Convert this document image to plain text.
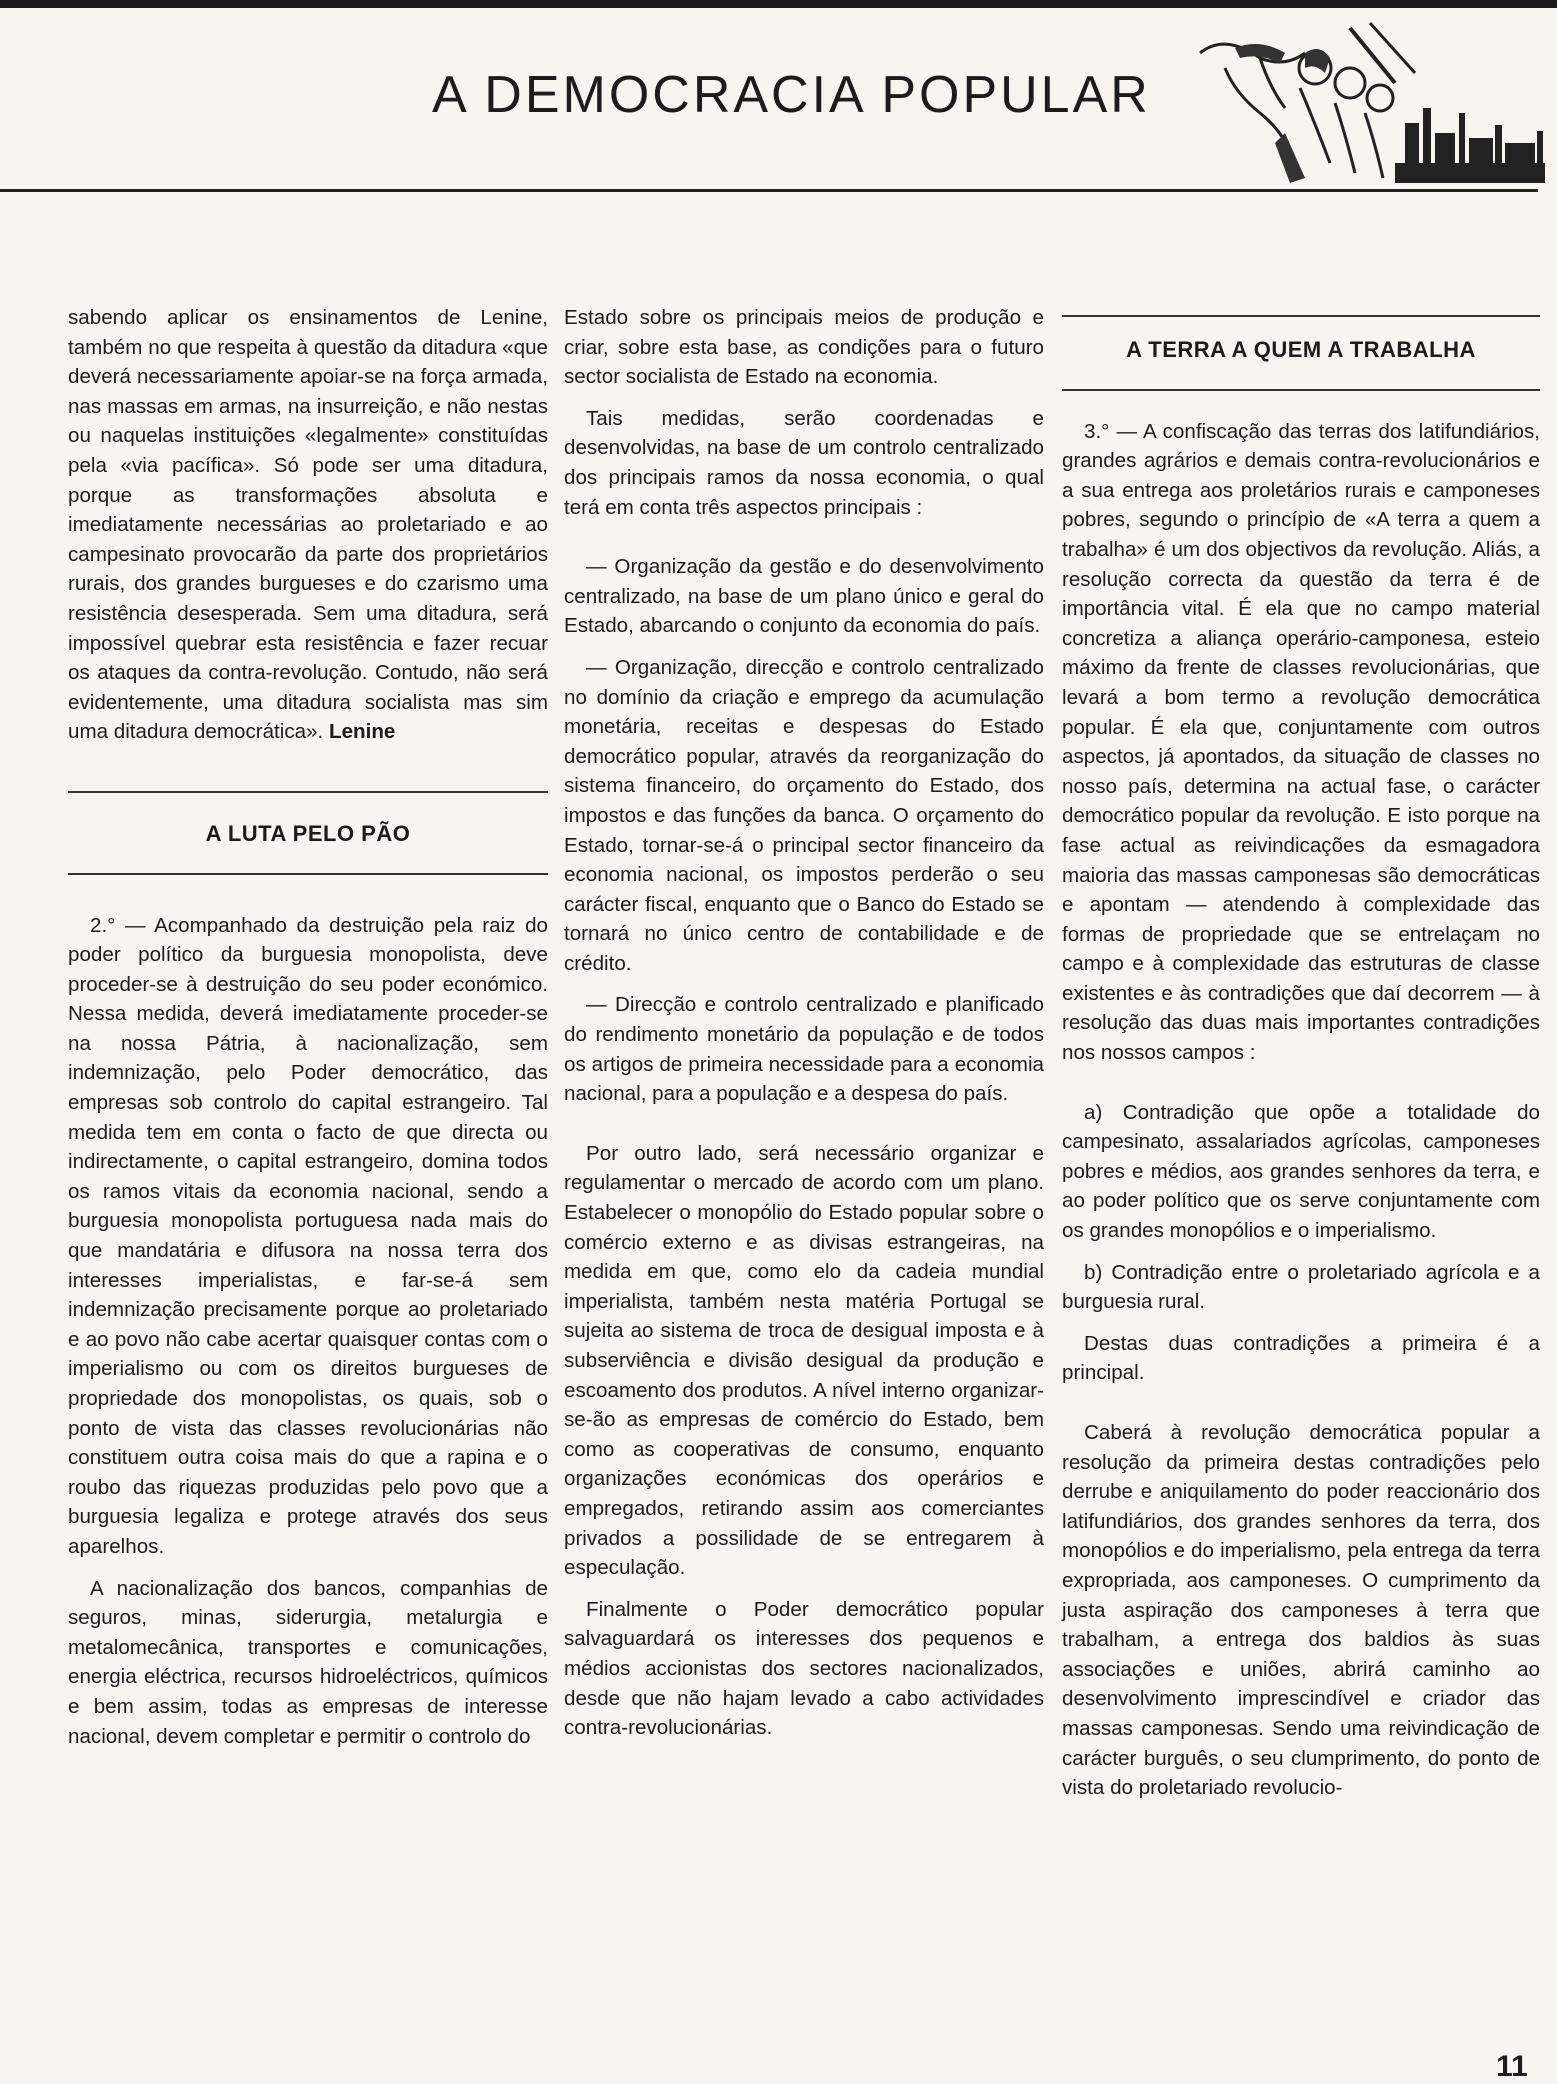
A DEMOCRACIA POPULAR

sabendo aplicar os ensinamentos de Lenine, também no que respeita à questão da ditadura «que deverá necessariamente apoiar-se na força armada, nas massas em armas, na insurreição, e não nestas ou naquelas instituições «legalmente» constituídas pela «via pacífica». Só pode ser uma ditadura, porque as transformações absoluta e imediatamente necessárias ao proletariado e ao campesinato provocarão da parte dos proprietários rurais, dos grandes burgueses e do czarismo uma resistência desesperada. Sem uma ditadura, será impossível quebrar esta resistência e fazer recuar os ataques da contra-revolução. Contudo, não será evidentemente, uma ditadura socialista mas sim uma ditadura democrática». Lenine

A LUTA PELO PÃO

2.° — Acompanhado da destruição pela raiz do poder político da burguesia monopolista, deve proceder-se à destruição do seu poder económico. Nessa medida, deverá imediatamente proceder-se na nossa Pátria, à nacionalização, sem indemnização, pelo Poder democrático, das empresas sob controlo do capital estrangeiro. Tal medida tem em conta o facto de que directa ou indirectamente, o capital estrangeiro, domina todos os ramos vitais da economia nacional, sendo a burguesia monopolista portuguesa nada mais do que mandatária e difusora na nossa terra dos interesses imperialistas, e far-se-á sem indemnização precisamente porque ao proletariado e ao povo não cabe acertar quaisquer contas com o imperialismo ou com os direitos burgueses de propriedade dos monopolistas, os quais, sob o ponto de vista das classes revolucionárias não constituem outra coisa mais do que a rapina e o roubo das riquezas produzidas pelo povo que a burguesia legaliza e protege através dos seus aparelhos.

A nacionalização dos bancos, companhias de seguros, minas, siderurgia, metalurgia e metalomecânica, transportes e comunicações, energia eléctrica, recursos hidroeléctricos, químicos e bem assim, todas as empresas de interesse nacional, devem completar e permitir o controlo do

Estado sobre os principais meios de produção e criar, sobre esta base, as condições para o futuro sector socialista de Estado na economia.

Tais medidas, serão coordenadas e desenvolvidas, na base de um controlo centralizado dos principais ramos da nossa economia, o qual terá em conta três aspectos principais :

— Organização da gestão e do desenvolvimento centralizado, na base de um plano único e geral do Estado, abarcando o conjunto da economia do país.

— Organização, direcção e controlo centralizado no domínio da criação e emprego da acumulação monetária, receitas e despesas do Estado democrático popular, através da reorganização do sistema financeiro, do orçamento do Estado, dos impostos e das funções da banca. O orçamento do Estado, tornar-se-á o principal sector financeiro da economia nacional, os impostos perderão o seu carácter fiscal, enquanto que o Banco do Estado se tornará no único centro de contabilidade e de crédito.

— Direcção e controlo centralizado e planificado do rendimento monetário da população e de todos os artigos de primeira necessidade para a economia nacional, para a população e a despesa do país.

Por outro lado, será necessário organizar e regulamentar o mercado de acordo com um plano. Estabelecer o monopólio do Estado popular sobre o comércio externo e as divisas estrangeiras, na medida em que, como elo da cadeia mundial imperialista, também nesta matéria Portugal se sujeita ao sistema de troca de desigual imposta e à subserviência e divisão desigual da produção e escoamento dos produtos. A nível interno organizar-se-ão as empresas de comércio do Estado, bem como as cooperativas de consumo, enquanto organizações económicas dos operários e empregados, retirando assim aos comerciantes privados a possilidade de se entregarem à especulação.

Finalmente o Poder democrático popular salvaguardará os interesses dos pequenos e médios accionistas dos sectores nacionalizados, desde que não hajam levado a cabo actividades contra-revolucionárias.

A TERRA A QUEM A TRABALHA

3.° — A confiscação das terras dos latifundiários, grandes agrários e demais contra-revolucionários e a sua entrega aos proletários rurais e camponeses pobres, segundo o princípio de «A terra a quem a trabalha» é um dos objectivos da revolução. Aliás, a resolução correcta da questão da terra é de importância vital. É ela que no campo material concretiza a aliança operário-camponesa, esteio máximo da frente de classes revolucionárias, que levará a bom termo a revolução democrática popular. É ela que, conjuntamente com outros aspectos, já apontados, da situação de classes no nosso país, determina na actual fase, o carácter democrático popular da revolução. E isto porque na fase actual as reivindicações da esmagadora maioria das massas camponesas são democráticas e apontam — atendendo à complexidade das formas de propriedade que se entrelaçam no campo e à complexidade das estruturas de classe existentes e às contradições que daí decorrem — à resolução das duas mais importantes contradições nos nossos campos :

a) Contradição que opõe a totalidade do campesinato, assalariados agrícolas, camponeses pobres e médios, aos grandes senhores da terra, e ao poder político que os serve conjuntamente com os grandes monopólios e o imperialismo.

b) Contradição entre o proletariado agrícola e a burguesia rural.

Destas duas contradições a primeira é a principal.

Caberá à revolução democrática popular a resolução da primeira destas contradições pelo derrube e aniquilamento do poder reaccionário dos latifundiários, dos grandes senhores da terra, dos monopólios e do imperialismo, pela entrega da terra expropriada, aos camponeses. O cumprimento da justa aspiração dos camponeses à terra que trabalham, a entrega dos baldios às suas associações e uniões, abrirá caminho ao desenvolvimento imprescindível e criador das massas camponesas. Sendo uma reivindicação de carácter burguês, o seu clumprimento, do ponto de vista do proletariado revolucio-

11
